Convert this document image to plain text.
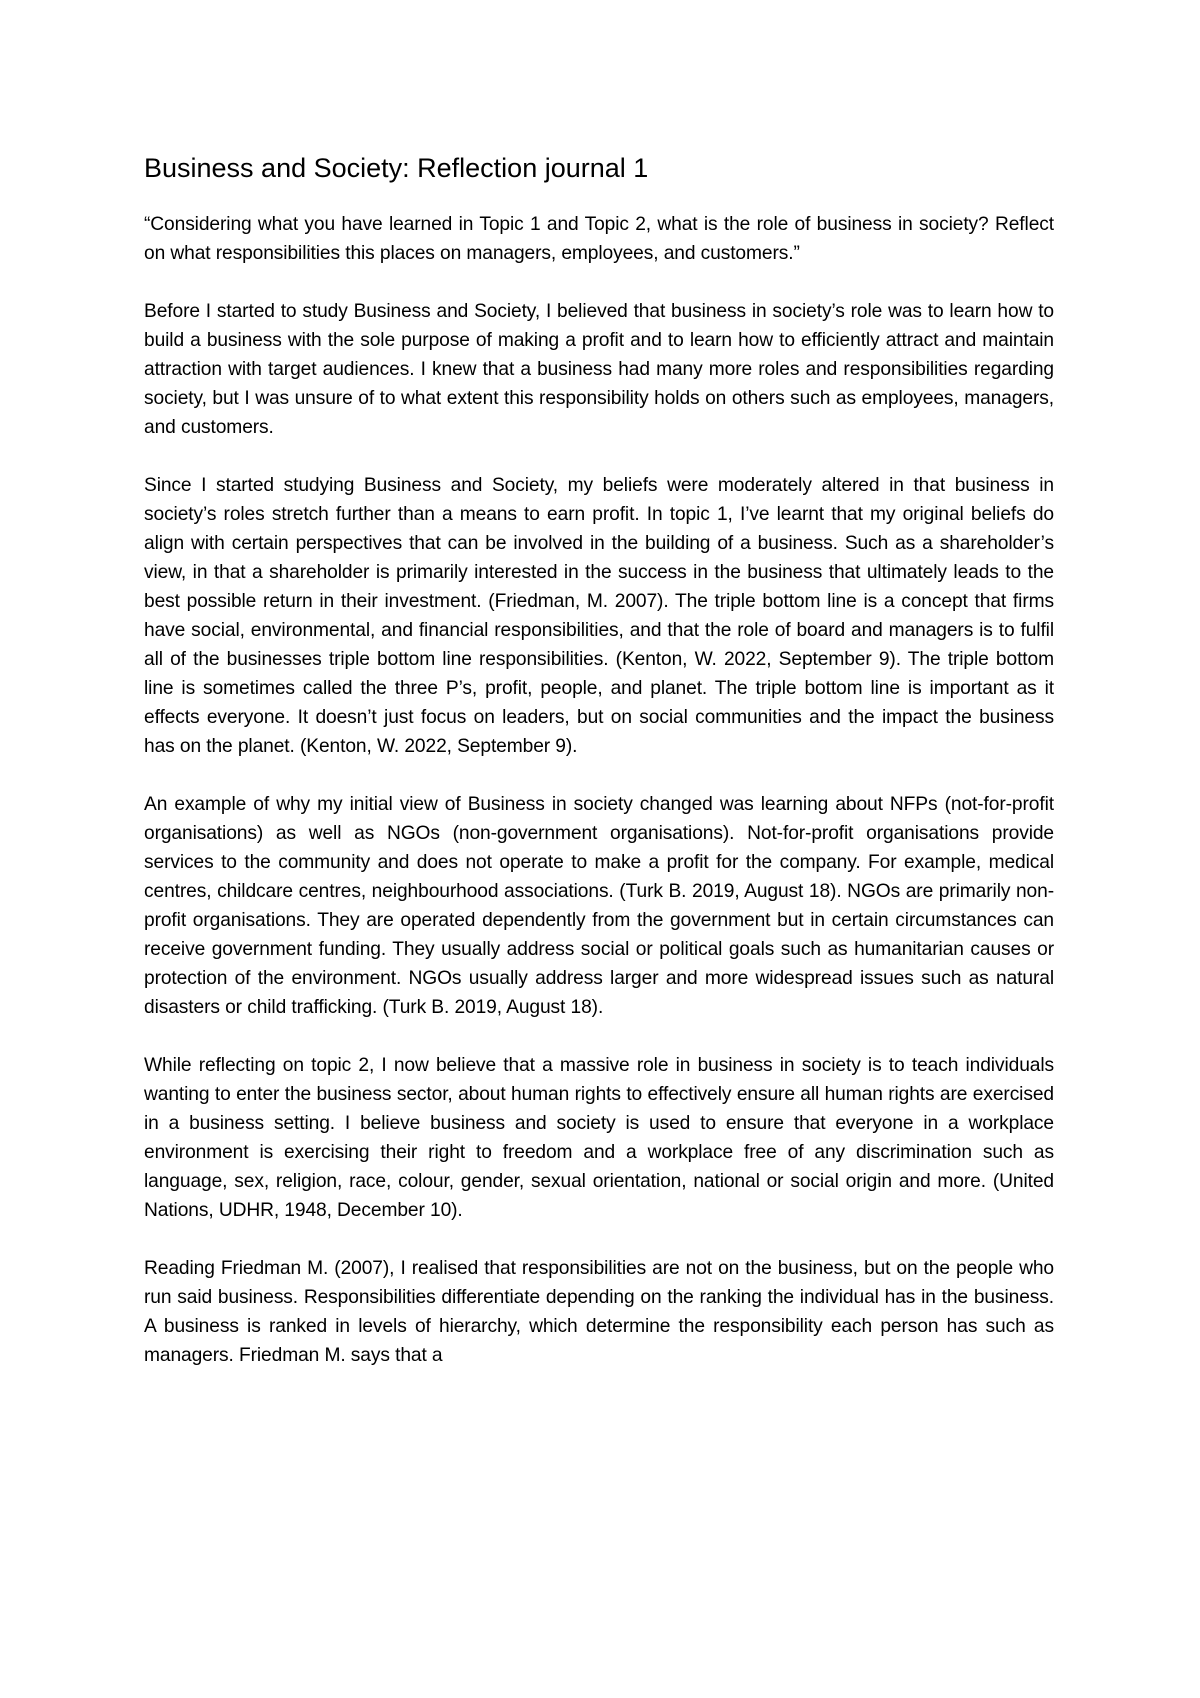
Business and Society: Reflection journal 1

“Considering what you have learned in Topic 1 and Topic 2, what is the role of business in society? Reflect on what responsibilities this places on managers, employees, and customers.”

Before I started to study Business and Society, I believed that business in society’s role was to learn how to build a business with the sole purpose of making a profit and to learn how to efficiently attract and maintain attraction with target audiences. I knew that a business had many more roles and responsibilities regarding society, but I was unsure of to what extent this responsibility holds on others such as employees, managers, and customers.

Since I started studying Business and Society, my beliefs were moderately altered in that business in society’s roles stretch further than a means to earn profit. In topic 1, I’ve learnt that my original beliefs do align with certain perspectives that can be involved in the building of a business. Such as a shareholder’s view, in that a shareholder is primarily interested in the success in the business that ultimately leads to the best possible return in their investment. (Friedman, M. 2007). The triple bottom line is a concept that firms have social, environmental, and financial responsibilities, and that the role of board and managers is to fulfil all of the businesses triple bottom line responsibilities. (Kenton, W. 2022, September 9). The triple bottom line is sometimes called the three P’s, profit, people, and planet. The triple bottom line is important as it effects everyone. It doesn’t just focus on leaders, but on social communities and the impact the business has on the planet. (Kenton, W. 2022, September 9).

An example of why my initial view of Business in society changed was learning about NFPs (not-for-profit organisations) as well as NGOs (non-government organisations). Not-for-profit organisations provide services to the community and does not operate to make a profit for the company. For example, medical centres, childcare centres, neighbourhood associations. (Turk B. 2019, August 18). NGOs are primarily non-profit organisations. They are operated dependently from the government but in certain circumstances can receive government funding. They usually address social or political goals such as humanitarian causes or protection of the environment. NGOs usually address larger and more widespread issues such as natural disasters or child trafficking. (Turk B. 2019, August 18).

While reflecting on topic 2, I now believe that a massive role in business in society is to teach individuals wanting to enter the business sector, about human rights to effectively ensure all human rights are exercised in a business setting. I believe business and society is used to ensure that everyone in a workplace environment is exercising their right to freedom and a workplace free of any discrimination such as language, sex, religion, race, colour, gender, sexual orientation, national or social origin and more. (United Nations, UDHR, 1948, December 10).

Reading Friedman M. (2007), I realised that responsibilities are not on the business, but on the people who run said business. Responsibilities differentiate depending on the ranking the individual has in the business. A business is ranked in levels of hierarchy, which determine the responsibility each person has such as managers. Friedman M. says that a
